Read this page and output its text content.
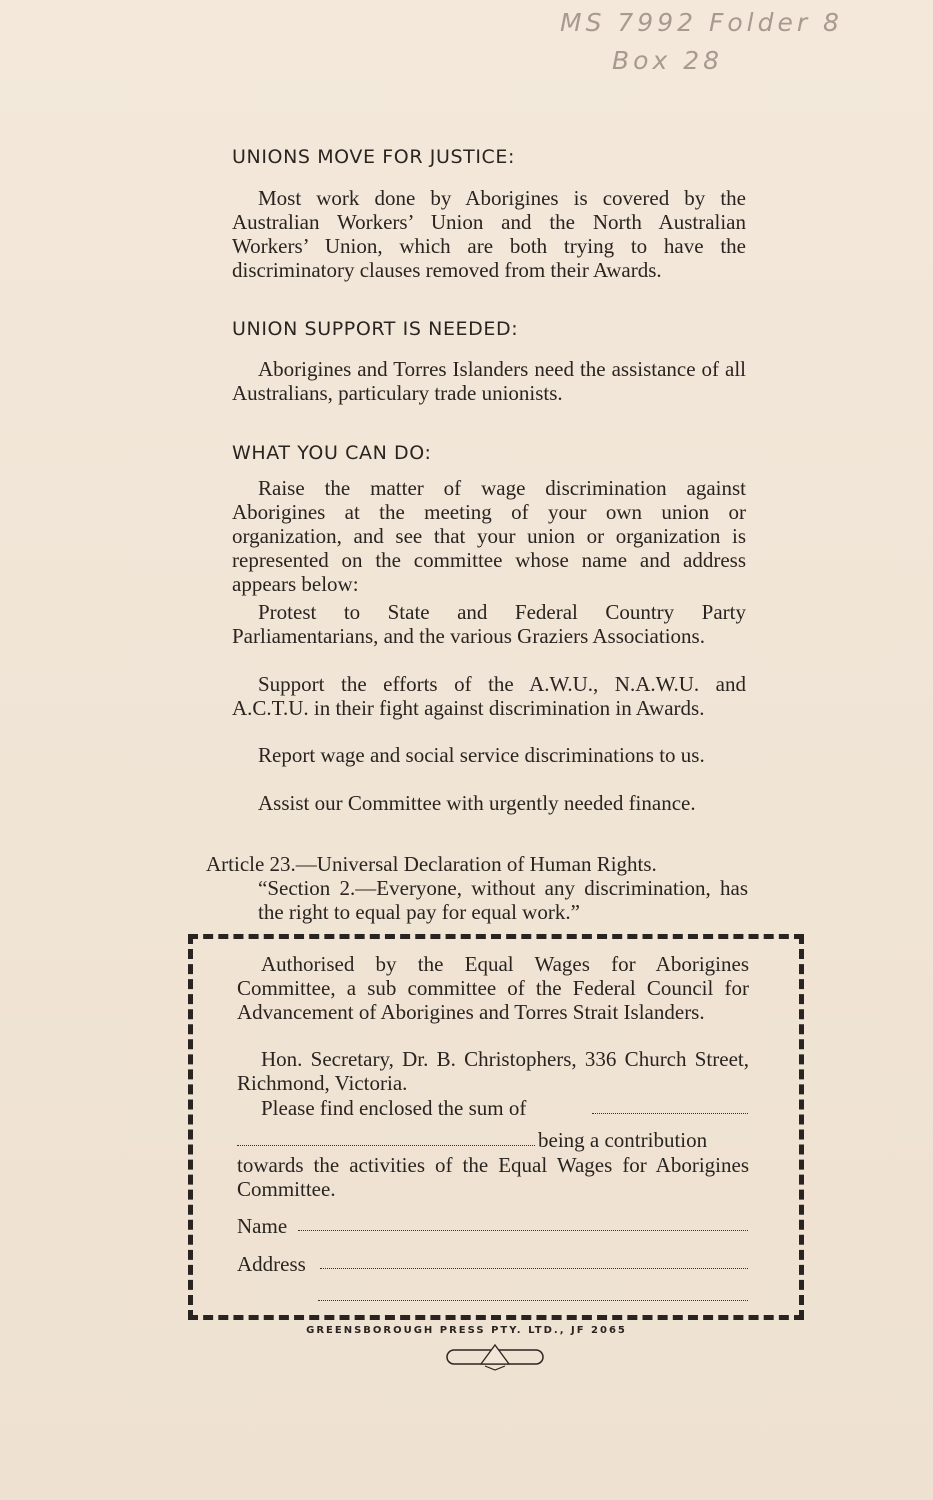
MS 7992 Folder 8
Box 28
UNIONS MOVE FOR JUSTICE:
Most work done by Aborigines is covered by the Australian Workers’ Union and the North Australian Workers’ Union, which are both trying to have the discriminatory clauses removed from their Awards.
UNION SUPPORT IS NEEDED:
Aborigines and Torres Islanders need the assistance of all Australians, particulary trade unionists.
WHAT YOU CAN DO:
Raise the matter of wage discrimination against Aborigines at the meeting of your own union or organization, and see that your union or organization is represented on the committee whose name and address appears below:
Protest to State and Federal Country Party Parliamentarians, and the various Graziers Associations.
Support the efforts of the A.W.U., N.A.W.U. and A.C.T.U. in their fight against discrimination in Awards.
Report wage and social service discriminations to us.
Assist our Committee with urgently needed finance.
Article 23.—Universal Declaration of Human Rights.
“Section 2.—Everyone, without any discrimination, has the right to equal pay for equal work.”
Authorised by the Equal Wages for Aborigines Committee, a sub committee of the Federal Council for Advancement of Aborigines and Torres Strait Islanders.
Hon. Secretary, Dr. B. Christophers, 336 Church Street, Richmond, Victoria.
Please find enclosed the sum of
being a contribution
towards the activities of the Equal Wages for Aborigines Committee.
Name
Address
GREENSBOROUGH PRESS PTY. LTD., JF 2065
